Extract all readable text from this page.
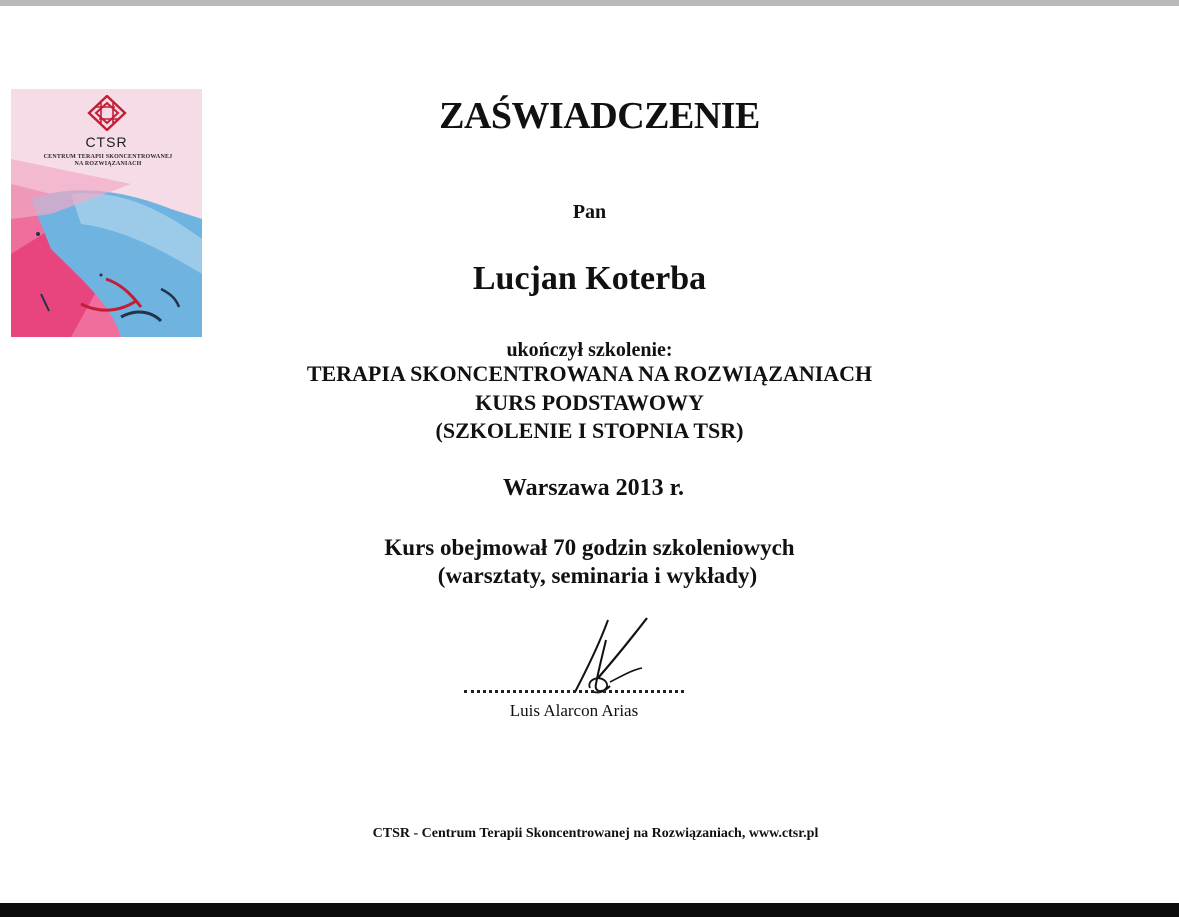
CTSR
CENTRUM TERAPII SKONCENTROWANEJ
NA ROZWIĄZANIACH
ZAŚWIADCZENIE
Pan
Lucjan Koterba
ukończył szkolenie:
TERAPIA SKONCENTROWANA NA ROZWIĄZANIACH
KURS PODSTAWOWY
(SZKOLENIE I STOPNIA TSR)
Warszawa 2013 r.
Kurs obejmował 70 godzin szkoleniowych
(warsztaty, seminaria i wykłady)
Luis Alarcon Arias
CTSR - Centrum Terapii Skoncentrowanej na Rozwiązaniach, www.ctsr.pl
